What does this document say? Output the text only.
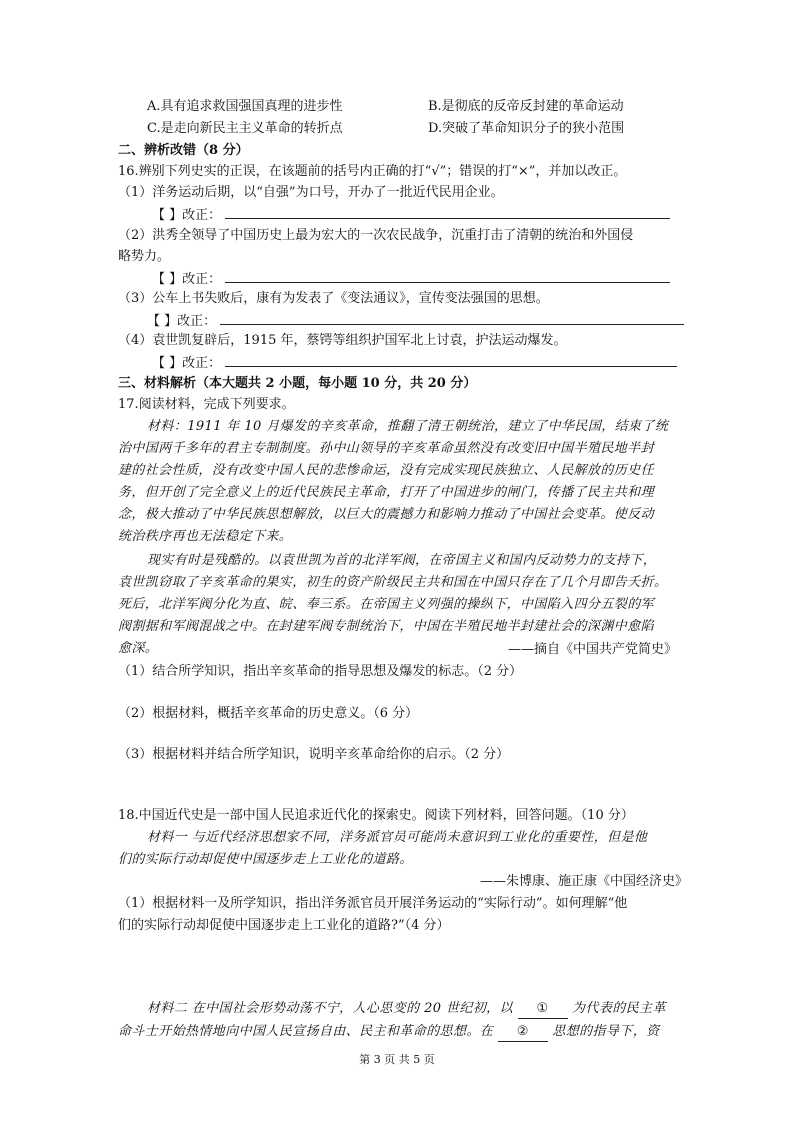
A.具有追求救国强国真理的进步性	B.是彻底的反帝反封建的革命运动
C.是走向新民主主义革命的转折点	D.突破了革命知识分子的狭小范围
二、辨析改错（8 分）
16.辨别下列史实的正误，在该题前的括号内正确的打“√”；错误的打“×”，并加以改正。
（1）洋务运动后期，以“自强”为口号，开办了一批近代民用企业。
【 】改正：
（2）洪秀全领导了中国历史上最为宏大的一次农民战争，沉重打击了清朝的统治和外国侵
略势力。
【 】改正：
（3）公车上书失败后，康有为发表了《变法通议》，宣传变法强国的思想。
【 】改正：
（4）袁世凯复辟后，1915 年，蔡锷等组织护国军北上讨袁，护法运动爆发。
【 】改正：
三、材料解析（本大题共 2 小题，每小题 10 分，共 20 分）
17.阅读材料，完成下列要求。
材料：1911 年 10 月爆发的辛亥革命，推翻了清王朝统治，建立了中华民国，结束了统
治中国两千多年的君主专制制度。孙中山领导的辛亥革命虽然没有改变旧中国半殖民地半封
建的社会性质，没有改变中国人民的悲惨命运，没有完成实现民族独立、人民解放的历史任
务，但开创了完全意义上的近代民族民主革命，打开了中国进步的闸门，传播了民主共和理
念，极大推动了中华民族思想解放，以巨大的震撼力和影响力推动了中国社会变革。使反动
统治秩序再也无法稳定下来。
现实有时是残酷的。以袁世凯为首的北洋军阀，在帝国主义和国内反动势力的支持下，
袁世凯窃取了辛亥革命的果实，初生的资产阶级民主共和国在中国只存在了几个月即告夭折。
死后，北洋军阀分化为直、皖、奉三系。在帝国主义列强的操纵下，中国陷入四分五裂的军
阀割据和军阀混战之中。在封建军阀专制统治下，中国在半殖民地半封建社会的深渊中愈陷
愈深。	——摘自《中国共产党简史》
（1）结合所学知识，指出辛亥革命的指导思想及爆发的标志。（2 分）
（2）根据材料，概括辛亥革命的历史意义。（6 分）
（3）根据材料并结合所学知识，说明辛亥革命给你的启示。（2 分）
18.中国近代史是一部中国人民追求近代化的探索史。阅读下列材料，回答问题。（10 分）
材料一 与近代经济思想家不同，洋务派官员可能尚未意识到工业化的重要性，但是他
们的实际行动却促使中国逐步走上工业化的道路。
——朱博康、施正康《中国经济史》
（1）根据材料一及所学知识，指出洋务派官员开展洋务运动的“实际行动”。如何理解“他
们的实际行动却促使中国逐步走上工业化的道路?”（4 分）
材料二 在中国社会形势动荡不宁，人心思变的 20 世纪初，以 ① 为代表的民主革
命斗士开始热情地向中国人民宣扬自由、民主和革命的思想。在 ② 思想的指导下，资
第 3 页 共 5 页
